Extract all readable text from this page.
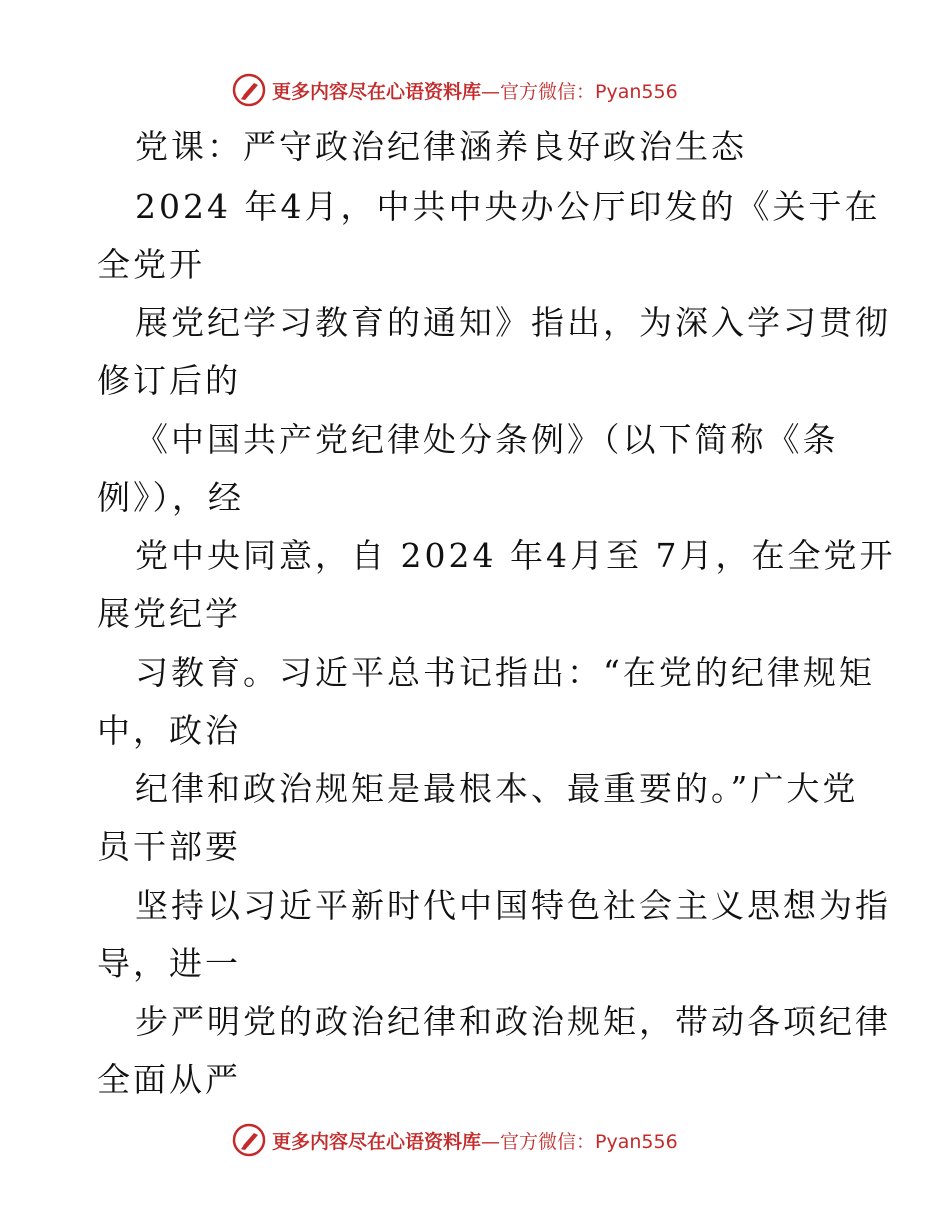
更多内容尽在心语资料库—官方微信：Pyan556
党课：严守政治纪律涵养良好政治生态
2024 年4月，中共中央办公厅印发的《关于在
全党开
展党纪学习教育的通知》指出，为深入学习贯彻
修订后的
《中国共产党纪律处分条例》（以下简称《条
例》），经
党中央同意，自 2024 年4月至 7月，在全党开
展党纪学
习教育。习近平总书记指出：“在党的纪律规矩
中，政治
纪律和政治规矩是最根本、最重要的。”广大党
员干部要
坚持以习近平新时代中国特色社会主义思想为指
导，进一
步严明党的政治纪律和政治规矩，带动各项纪律
全面从严
更多内容尽在心语资料库—官方微信：Pyan556
